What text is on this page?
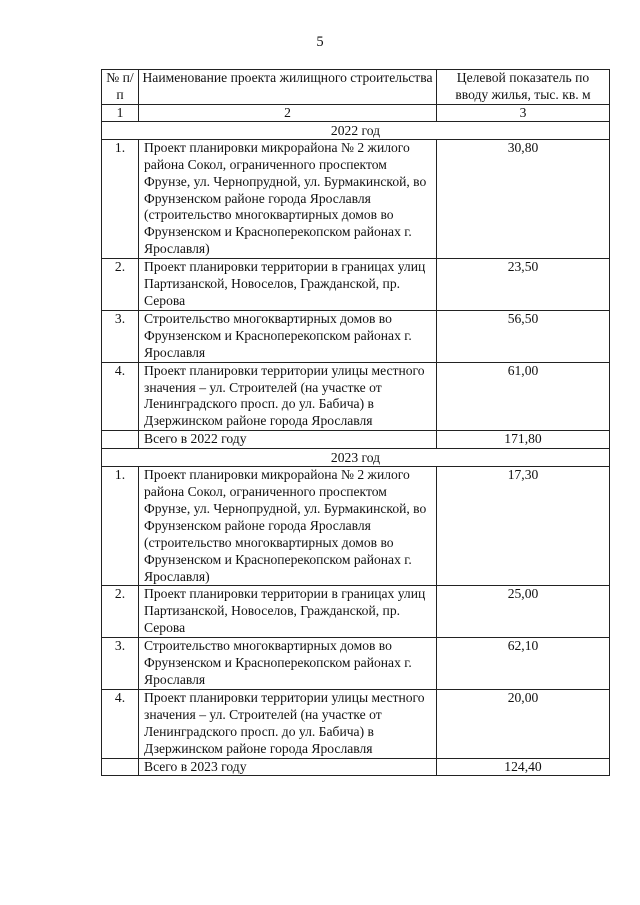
5
№ п/п	Наименование проекта жилищного строительства	Целевой показатель по вводу жилья, тыс. кв. м
1	2	3
2022 год		
1.	Проект планировки микрорайона № 2 жилого района Сокол, ограниченного проспектом Фрунзе, ул. Чернопрудной, ул. Бурмакинской, во Фрунзенском районе города Ярославля (строительство многоквартирных домов во Фрунзенском и Красноперекопском районах г. Ярославля)	30,80
2.	Проект планировки территории в границах улиц Партизанской, Новоселов, Гражданской, пр. Серова	23,50
3.	Строительство многоквартирных домов во Фрунзенском и Красноперекопском районах г. Ярославля	56,50
4.	Проект планировки территории улицы местного значения – ул. Строителей (на участке от Ленинградского просп. до ул. Бабича) в Дзержинском районе города Ярославля	61,00
	Всего в 2022 году	171,80
2023 год		
1.	Проект планировки микрорайона № 2 жилого района Сокол, ограниченного проспектом Фрунзе, ул. Чернопрудной, ул. Бурмакинской, во Фрунзенском районе города Ярославля (строительство многоквартирных домов во Фрунзенском и Красноперекопском районах г. Ярославля)	17,30
2.	Проект планировки территории в границах улиц Партизанской, Новоселов, Гражданской, пр. Серова	25,00
3.	Строительство многоквартирных домов во Фрунзенском и Красноперекопском районах г. Ярославля	62,10
4.	Проект планировки территории улицы местного значения – ул. Строителей (на участке от Ленинградского просп. до ул. Бабича) в Дзержинском районе города Ярославля	20,00
	Всего в 2023 году	124,40
